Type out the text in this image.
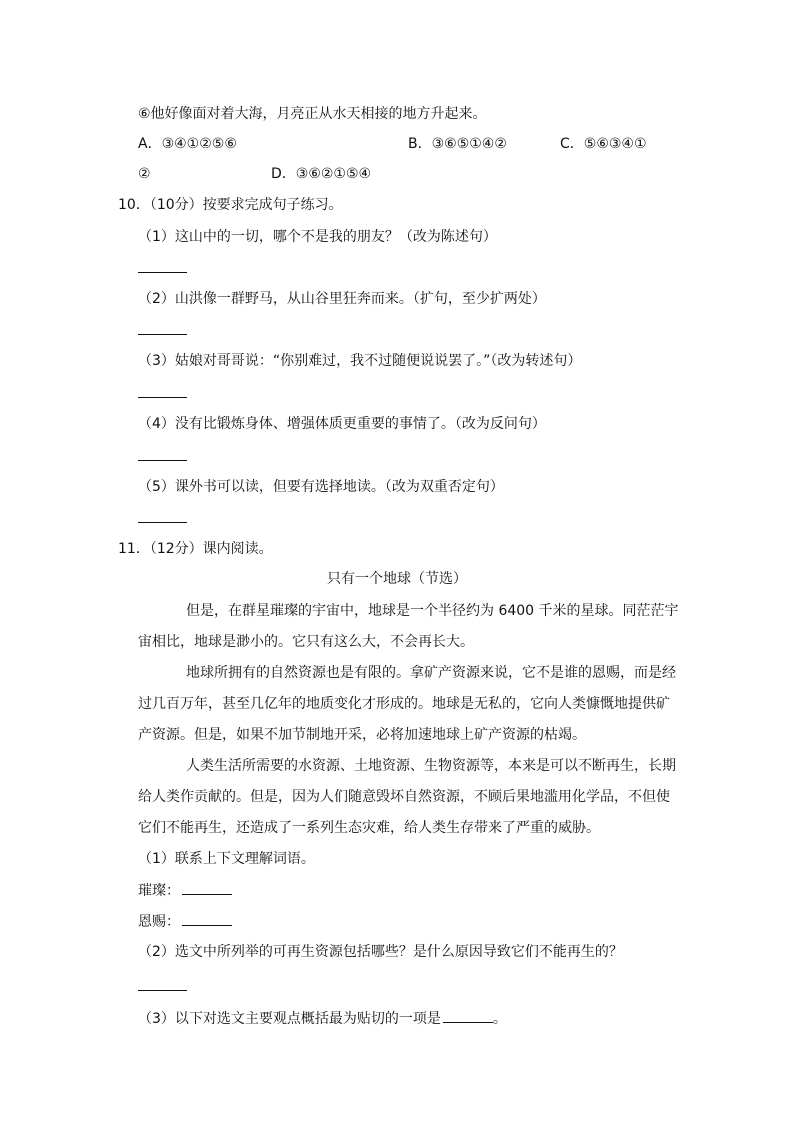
⑥他好像面对着大海，月亮正从水天相接的地方升起来。
A．③④①②⑤⑥	B．③⑥⑤①④②	C．⑤⑥③④①
②	D．③⑥②①⑤④
10．（10分）按要求完成句子练习。
（1）这山中的一切，哪个不是我的朋友？（改为陈述句）
（2）山洪像一群野马，从山谷里狂奔而来。（扩句，至少扩两处）
（3）姑娘对哥哥说：“你别难过，我不过随便说说罢了。”（改为转述句）
（4）没有比锻炼身体、增强体质更重要的事情了。（改为反问句）
（5）课外书可以读，但要有选择地读。（改为双重否定句）
11．（12分）课内阅读。
只有一个地球（节选）
但是，在群星璀璨的宇宙中，地球是一个半径约为 6400 千米的星球。同茫茫宇
宙相比，地球是渺小的。它只有这么大，不会再长大。
地球所拥有的自然资源也是有限的。拿矿产资源来说，它不是谁的恩赐，而是经
过几百万年，甚至几亿年的地质变化才形成的。地球是无私的，它向人类慷慨地提供矿
产资源。但是，如果不加节制地开采，必将加速地球上矿产资源的枯竭。
人类生活所需要的水资源、土地资源、生物资源等，本来是可以不断再生，长期
给人类作贡献的。但是，因为人们随意毁坏自然资源，不顾后果地滥用化学品，不但使
它们不能再生，还造成了一系列生态灾难，给人类生存带来了严重的威胁。
（1）联系上下文理解词语。
璀璨：
恩赐：
（2）选文中所列举的可再生资源包括哪些？是什么原因导致它们不能再生的？
（3）以下对选文主要观点概括最为贴切的一项是	。
